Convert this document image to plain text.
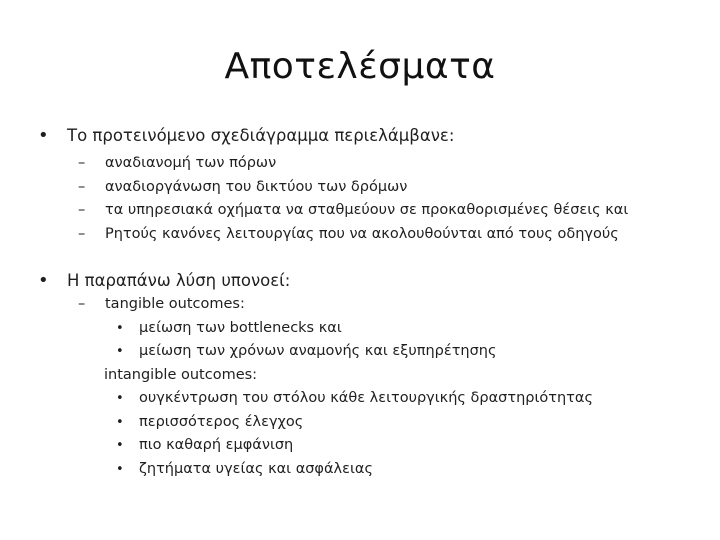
Αποτελέσματα
• Το προτεινόμενο σχεδιάγραμμα περιελάμβανε:
– αναδιανομή των πόρων
– αναδιοργάνωση του δικτύου των δρόμων
– τα υπηρεσιακά οχήματα να σταθμεύουν σε προκαθορισμένες θέσεις και
– Ρητούς κανόνες λειτουργίας που να ακολουθούνται από τους οδηγούς
• Η παραπάνω λύση υπονοεί:
– tangible outcomes:
• μείωση των bottlenecks και
• μείωση των χρόνων αναμονής και εξυπηρέτησης
intangible outcomes:
• ουγκέντρωση του στόλου κάθε λειτουργικής δραστηριότητας
• περισσότερος έλεγχος
• πιο καθαρή εμφάνιση
• ζητήματα υγείας και ασφάλειας
